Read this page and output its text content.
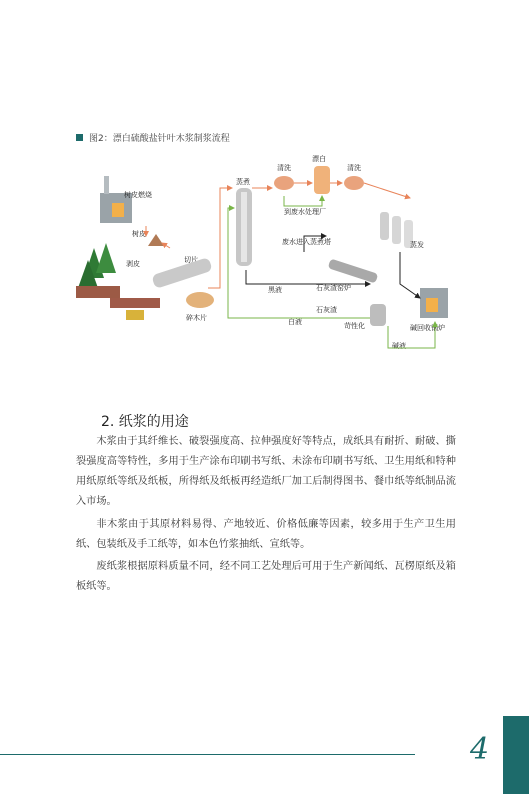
图2：漂白硫酸盐针叶木浆制浆流程
树皮燃烧
树皮
剥皮	切片
碎木片
蒸煮
清洗
漂白
清洗
到废水处理厂
废水进入蒸煮塔	蒸发
石灰渣窑炉
石灰渣
苛性化
碱液
碱回收锅炉
黑液
白液
2. 纸浆的用途

木浆由于其纤维长、破裂强度高、拉伸强度好等特点，成纸具有耐折、耐破、撕裂强度高等特性，多用于生产涂布印刷书写纸、未涂布印刷书写纸、卫生用纸和特种用纸原纸等纸及纸板，所得纸及纸板再经造纸厂加工后制得图书、餐巾纸等纸制品流入市场。

非木浆由于其原材料易得、产地较近、价格低廉等因素，较多用于生产卫生用纸、包装纸及手工纸等，如本色竹浆抽纸、宣纸等。

废纸浆根据原料质量不同，经不同工艺处理后可用于生产新闻纸、瓦楞原纸及箱板纸等。

4
